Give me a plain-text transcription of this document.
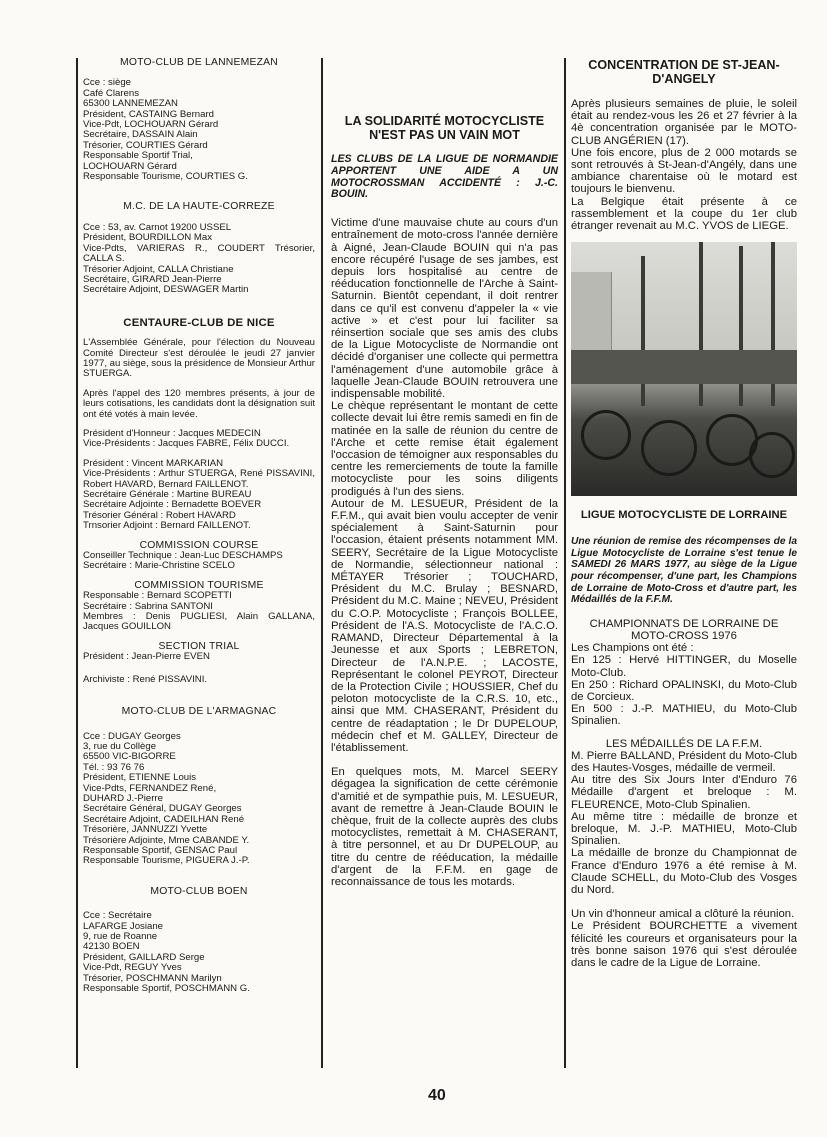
MOTO-CLUB DE LANNEMEZAN
Cce : siège
Café Clarens
65300 LANNEMEZAN
Président, CASTAING Bernard
Vice-Pdt, LOCHOUARN Gérard
Secrétaire, DASSAIN Alain
Trésorier, COURTIES Gérard
Responsable Sportif Trial,
LOCHOUARN Gérard
Responsable Tourisme, COURTIES G.
M.C. DE LA HAUTE-CORREZE
Cce : 53, av. Carnot 19200 USSEL
Président, BOURDILLON Max
Vice-Pdts, VARIERAS R., COUDERT Trésorier, CALLA S.
Trésorier Adjoint, CALLA Christiane
Secrétaire, GIRARD Jean-Pierre
Secrétaire Adjoint, DESWAGER Martin
CENTAURE-CLUB DE NICE
L'Assemblée Générale, pour l'élection du Nouveau Comité Directeur s'est déroulée le jeudi 27 janvier 1977, au siège, sous la présidence de Monsieur Arthur STUERGA.
Après l'appel des 120 membres présents, à jour de leurs cotisations, les candidats dont la désignation suit ont été votés à main levée.
Président d'Honneur : Jacques MEDECIN
Vice-Présidents : Jacques FABRE, Félix DUCCI.
Président : Vincent MARKARIAN
Vice-Présidents : Arthur STUERGA, René PISSAVINI, Robert HAVARD, Bernard FAILLENOT.
Secrétaire Générale : Martine BUREAU
Secrétaire Adjointe : Bernadette BOEVER
Trésorier Général : Robert HAVARD
Trnsorier Adjoint : Bernard FAILLENOT.
COMMISSION COURSE
Conseiller Technique : Jean-Luc DESCHAMPS
Secrétaire : Marie-Christine SCELO
COMMISSION TOURISME
Responsable : Bernard SCOPETTI
Secrétaire : Sabrina SANTONI
Membres : Denis PUGLIESI, Alain GALLANA, Jacques GOUILLON
SECTION TRIAL
Président : Jean-Pierre EVEN
Archiviste : René PISSAVINI.
MOTO-CLUB DE L'ARMAGNAC
Cce : DUGAY Georges
3, rue du Collège
65500 VIC-BIGORRE
Tél. : 93 76 76
Président, ETIENNE Louis
Vice-Pdts, FERNANDEZ René,
DUHARD J.-Pierre
Secrétaire Général, DUGAY Georges
Secrétaire Adjoint, CADEILHAN René
Trésorière, JANNUZZI Yvette
Trésorière Adjointe, Mme CABANDE Y.
Responsable Sportif, GENSAC Paul
Responsable Tourisme, PIGUERA J.-P.
MOTO-CLUB BOEN
Cce : Secrétaire
LAFARGE Josiane
9, rue de Roanne
42130 BOEN
Président, GAILLARD Serge
Vice-Pdt, REGUY Yves
Trésorier, POSCHMANN Marilyn
Responsable Sportif, POSCHMANN G.
LA SOLIDARITÉ MOTOCYCLISTE N'EST PAS UN VAIN MOT
LES CLUBS DE LA LIGUE DE NORMANDIE APPORTENT UNE AIDE A UN MOTOCROSSMAN ACCIDENTÉ : J.-C. BOUIN.
Victime d'une mauvaise chute au cours d'un entraînement de moto-cross l'année dernière à Aigné, Jean-Claude BOUIN qui n'a pas encore récupéré l'usage de ses jambes, est depuis lors hospitalisé au centre de rééducation fonctionnelle de l'Arche à Saint-Saturnin. Bientôt cependant, il doit rentrer dans ce qu'il est convenu d'appeler la « vie active » et c'est pour lui faciliter sa réinsertion sociale que ses amis des clubs de la Ligue Motocycliste de Normandie ont décidé d'organiser une collecte qui permettra l'aménagement d'une automobile grâce à laquelle Jean-Claude BOUIN retrouvera une indispensable mobilité.
Le chèque représentant le montant de cette collecte devait lui être remis samedi en fin de matinée en la salle de réunion du centre de l'Arche et cette remise était également l'occasion de témoigner aux responsables du centre les remerciements de toute la famille motocycliste pour les soins diligents prodigués à l'un des siens.
Autour de M. LESUEUR, Président de la F.F.M., qui avait bien voulu accepter de venir spécialement à Saint-Saturnin pour l'occasion, étaient présents notamment MM. SEERY, Secrétaire de la Ligue Motocycliste de Normandie, sélectionneur national : MÉTAYER Trésorier ; TOUCHARD, Président du M.C. Brulay ; BESNARD, Président du M.C. Maine ; NEVEU, Président du C.O.P. Motocycliste ; François BOLLEE, Président de l'A.S. Motocycliste de l'A.C.O. RAMAND, Directeur Départemental à la Jeunesse et aux Sports ; LEBRETON, Directeur de l'A.N.P.E. ; LACOSTE, Représentant le colonel PEYROT, Directeur de la Protection Civile ; HOUSSIER, Chef du peloton motocycliste de la C.R.S. 10, etc., ainsi que MM. CHASERANT, Président du centre de réadaptation ; le Dr DUPELOUP, médecin chef et M. GALLEY, Directeur de l'établissement.
En quelques mots, M. Marcel SEERY dégagea la signification de cette cérémonie d'amitié et de sympathie puis, M. LESUEUR, avant de remettre à Jean-Claude BOUIN le chèque, fruit de la collecte auprès des clubs motocyclistes, remettait à M. CHASERANT, à titre personnel, et au Dr DUPELOUP, au titre du centre de rééducation, la médaille d'argent de la F.F.M. en gage de reconnaissance de tous les motards.
CONCENTRATION DE ST-JEAN-D'ANGELY
Après plusieurs semaines de pluie, le soleil était au rendez-vous les 26 et 27 février à la 4è concentration organisée par le MOTO-CLUB ANGÉRIEN (17).
Une fois encore, plus de 2 000 motards se sont retrouvés à St-Jean-d'Angély, dans une ambiance charentaise où le motard est toujours le bienvenu.
La Belgique était présente à ce rassemblement et la coupe du 1er club étranger revenait au M.C. YVOS de LIEGE.
LIGUE MOTOCYCLISTE DE LORRAINE
Une réunion de remise des récompenses de la Ligue Motocycliste de Lorraine s'est tenue le SAMEDI 26 MARS 1977, au siège de la Ligue pour récompenser, d'une part, les Champions de Lorraine de Moto-Cross et d'autre part, les Médaillés de la F.F.M.
CHAMPIONNATS DE LORRAINE DE MOTO-CROSS 1976
Les Champions ont été :
En 125 : Hervé HITTINGER, du Moselle Moto-Club.
En 250 : Richard OPALINSKI, du Moto-Club de Corcieux.
En 500 : J.-P. MATHIEU, du Moto-Club Spinalien.
LES MÉDAILLÉS DE LA F.F.M.
M. Pierre BALLAND, Président du Moto-Club des Hautes-Vosges, médaille de vermeil.
Au titre des Six Jours Inter d'Enduro 76 Médaille d'argent et breloque : M. FLEURENCE, Moto-Club Spinalien.
Au même titre : médaille de bronze et breloque, M. J.-P. MATHIEU, Moto-Club Spinalien.
La médaille de bronze du Championnat de France d'Enduro 1976 a été remise à M. Claude SCHELL, du Moto-Club des Vosges du Nord.
Un vin d'honneur amical a clôturé la réunion.
Le Président BOURCHETTE a vivement félicité les coureurs et organisateurs pour la très bonne saison 1976 qui s'est déroulée dans le cadre de la Ligue de Lorraine.
40
